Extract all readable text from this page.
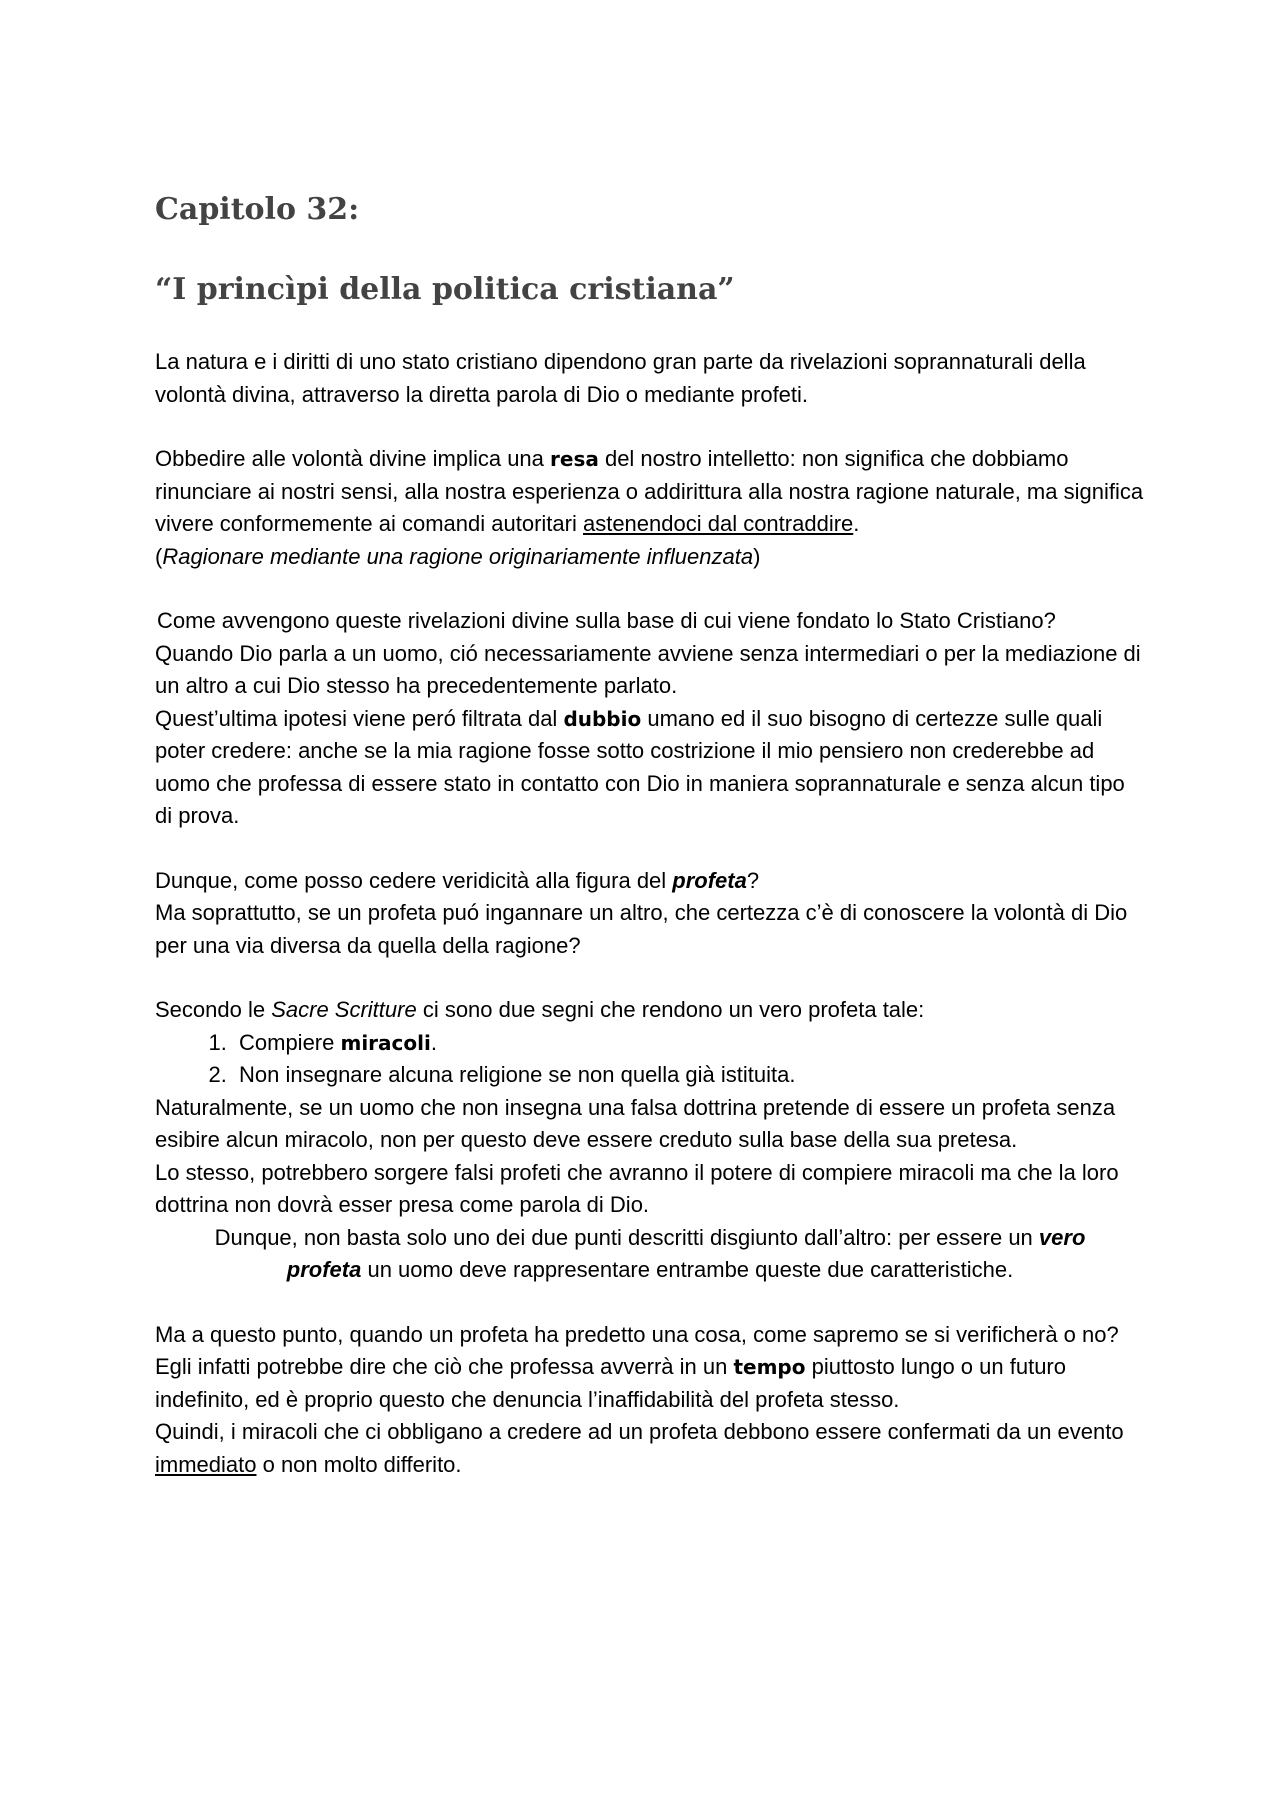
Capitolo 32:
“I princìpi della politica cristiana”

La natura e i diritti di uno stato cristiano dipendono gran parte da rivelazioni soprannaturali della volontà divina, attraverso la diretta parola di Dio o mediante profeti.

Obbedire alle volontà divine implica una resa del nostro intelletto: non significa che dobbiamo rinunciare ai nostri sensi, alla nostra esperienza o addirittura alla nostra ragione naturale, ma significa vivere conformemente ai comandi autoritari astenendoci dal contraddire.

(Ragionare mediante una ragione originariamente influenzata)

Come avvengono queste rivelazioni divine sulla base di cui viene fondato lo Stato Cristiano?

Quando Dio parla a un uomo, ció necessariamente avviene senza intermediari o per la mediazione di un altro a cui Dio stesso ha precedentemente parlato.

Quest’ultima ipotesi viene peró filtrata dal dubbio umano ed il suo bisogno di certezze sulle quali poter credere: anche se la mia ragione fosse sotto costrizione il mio pensiero non crederebbe ad uomo che professa di essere stato in contatto con Dio in maniera soprannaturale e senza alcun tipo di prova.

Dunque, come posso cedere veridicità alla figura del profeta?

Ma soprattutto, se un profeta puó ingannare un altro, che certezza c’è di conoscere la volontà di Dio per una via diversa da quella della ragione?

Secondo le Sacre Scritture ci sono due segni che rendono un vero profeta tale:

1. Compiere miracoli.
2. Non insegnare alcuna religione se non quella già istituita.

Naturalmente, se un uomo che non insegna una falsa dottrina pretende di essere un profeta senza esibire alcun miracolo, non per questo deve essere creduto sulla base della sua pretesa.

Lo stesso, potrebbero sorgere falsi profeti che avranno il potere di compiere miracoli ma che la loro dottrina non dovrà esser presa come parola di Dio.

Dunque, non basta solo uno dei due punti descritti disgiunto dall’altro: per essere un vero profeta un uomo deve rappresentare entrambe queste due caratteristiche.

Ma a questo punto, quando un profeta ha predetto una cosa, come sapremo se si verificherà o no?

Egli infatti potrebbe dire che ciò che professa avverrà in un tempo piuttosto lungo o un futuro indefinito, ed è proprio questo che denuncia l’inaffidabilità del profeta stesso.

Quindi, i miracoli che ci obbligano a credere ad un profeta debbono essere confermati da un evento immediato o non molto differito.
